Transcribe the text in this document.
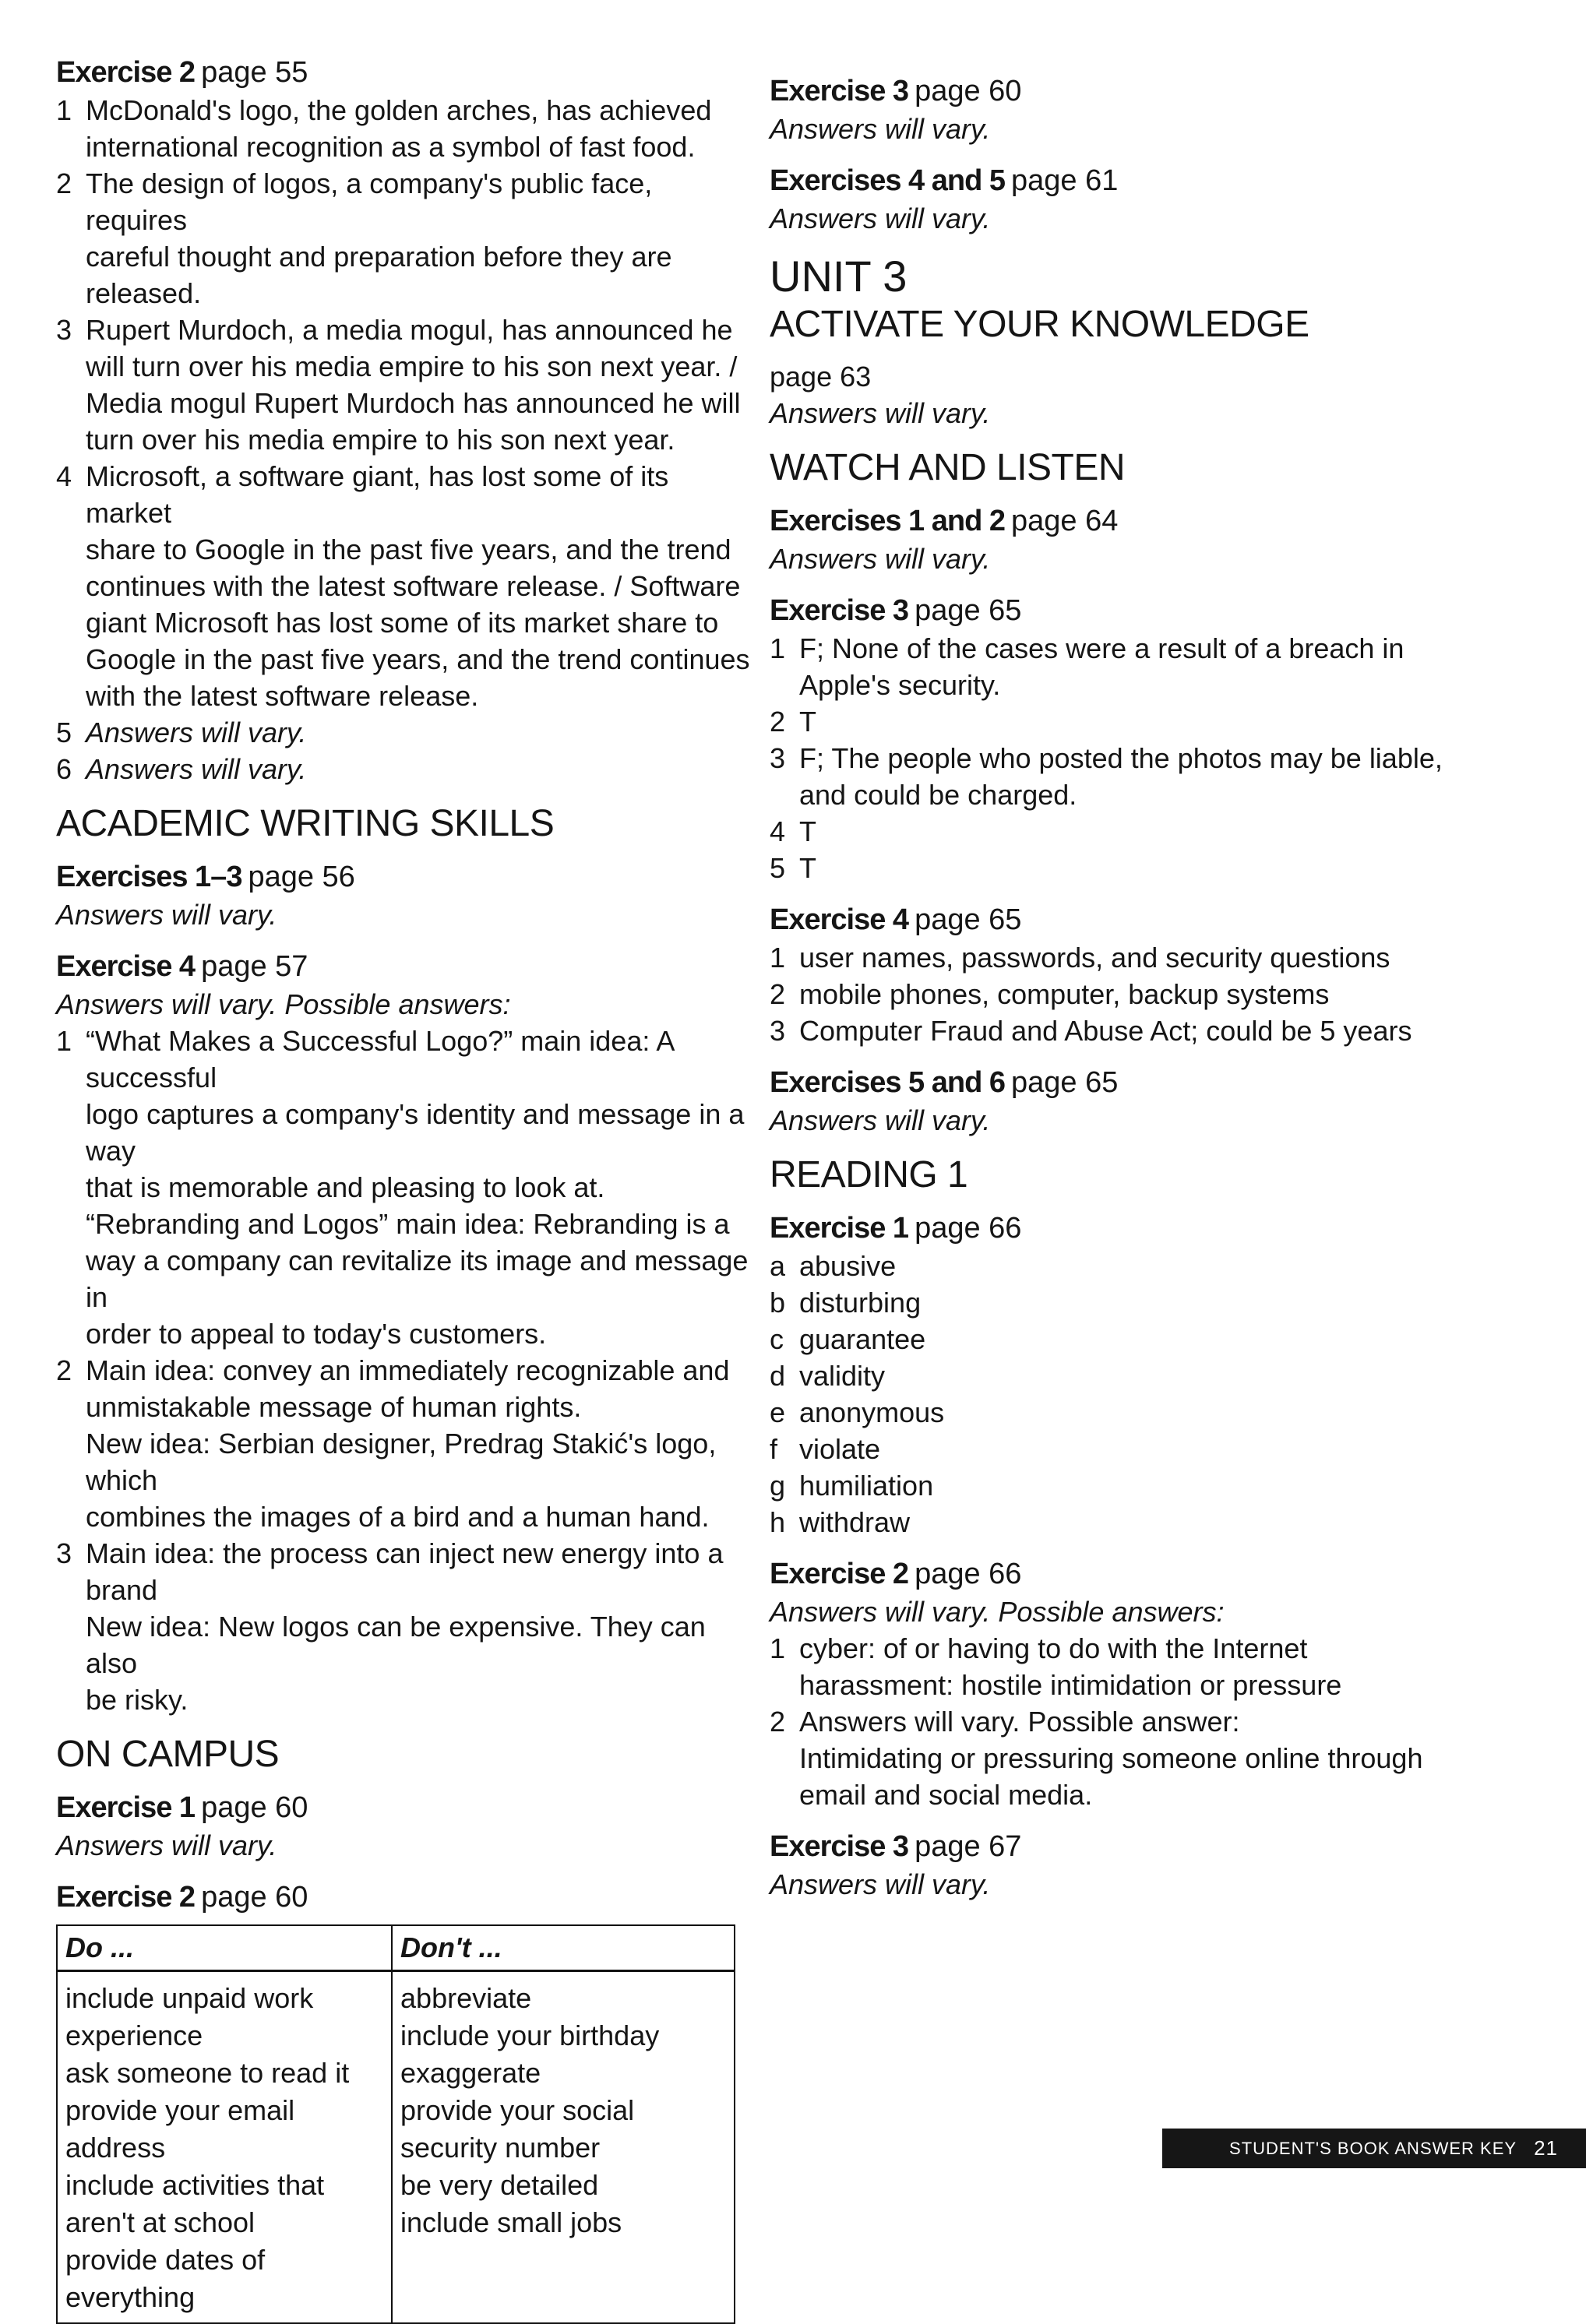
Exercise 2 page 55
1 McDonald's logo, the golden arches, has achieved

international recognition as a symbol of fast food.

2 The design of logos, a company's public face, requires

careful thought and preparation before they are

released.

3 Rupert Murdoch, a media mogul, has announced he

will turn over his media empire to his son next year. /

Media mogul Rupert Murdoch has announced he will

turn over his media empire to his son next year.

4 Microsoft, a software giant, has lost some of its market

share to Google in the past five years, and the trend

continues with the latest software release. / Software

giant Microsoft has lost some of its market share to

Google in the past five years, and the trend continues

with the latest software release.

5 Answers will vary.

6 Answers will vary.

ACADEMIC WRITING SKILLS
Exercises 1–3 page 56
Answers will vary.
Exercise 4 page 57
Answers will vary. Possible answers:
1 “What Makes a Successful Logo?” main idea: A successful

logo captures a company's identity and message in a way

that is memorable and pleasing to look at.

“Rebranding and Logos” main idea: Rebranding is a

way a company can revitalize its image and message in

order to appeal to today's customers.

2 Main idea: convey an immediately recognizable and

unmistakable message of human rights.

New idea: Serbian designer, Predrag Stakić's logo, which

combines the images of a bird and a human hand.

3 Main idea: the process can inject new energy into a

brand

New idea: New logos can be expensive. They can also

be risky.

ON CAMPUS
Exercise 1 page 60
Answers will vary.
Exercise 2 page 60
Do ...	Don't ...

include unpaid work

experience

ask someone to read it

provide your email

address

include activities that

aren't at school

provide dates of

everything

abbreviate

include your birthday

exaggerate

provide your social

security number

be very detailed

include small jobs

Exercise 3 page 60
Answers will vary.
Exercises 4 and 5 page 61
Answers will vary.
UNIT 3
ACTIVATE YOUR KNOWLEDGE
page 63
Answers will vary.
WATCH AND LISTEN
Exercises 1 and 2 page 64
Answers will vary.
Exercise 3 page 65
1 F; None of the cases were a result of a breach in

Apple's security.

2 T

3 F; The people who posted the photos may be liable,

and could be charged.

4 T

5 T

Exercise 4 page 65
1 user names, passwords, and security questions

2 mobile phones, computer, backup systems

3 Computer Fraud and Abuse Act; could be 5 years

Exercises 5 and 6 page 65
Answers will vary.
READING 1
Exercise 1 page 66
a abusive

b disturbing

c guarantee

d validity

e anonymous

f violate

g humiliation

h withdraw

Exercise 2 page 66
Answers will vary. Possible answers:
1 cyber: of or having to do with the Internet

harassment: hostile intimidation or pressure

2 Answers will vary. Possible answer:

Intimidating or pressuring someone online through

email and social media.

Exercise 3 page 67
Answers will vary.
STUDENT'S BOOK ANSWER KEY 21
